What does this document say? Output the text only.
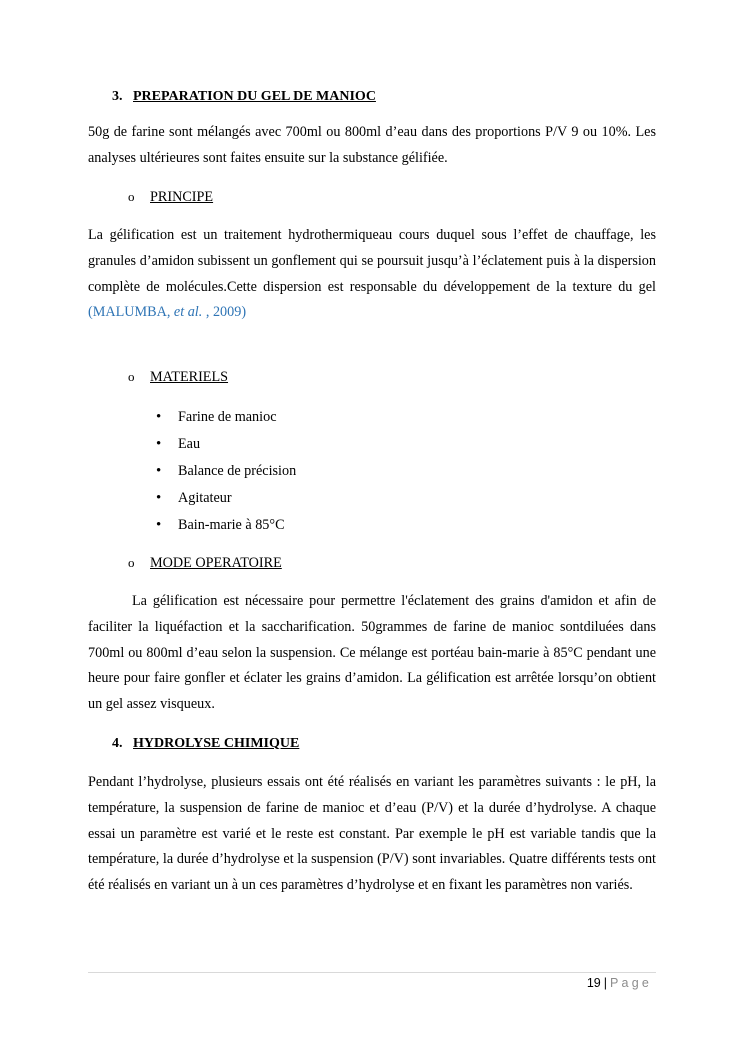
3. PREPARATION DU GEL DE MANIOC
50g de farine sont mélangés avec 700ml ou 800ml d’eau dans des proportions P/V 9 ou 10%. Les analyses ultérieures sont faites ensuite sur la substance gélifiée.
o PRINCIPE
La gélification est un traitement hydrothermiqueau cours duquel sous l’effet de chauffage, les granules d’amidon subissent un gonflement qui se poursuit jusqu’à l’éclatement puis à la dispersion complète de molécules.Cette dispersion est responsable du développement de la texture du gel (MALUMBA, et al. , 2009)
o MATERIELS
• Farine de manioc
• Eau
• Balance de précision
• Agitateur
• Bain-marie à 85°C
o MODE OPERATOIRE
La gélification est nécessaire pour permettre l'éclatement des grains d'amidon et afin de faciliter la liquéfaction et la saccharification. 50grammes de farine de manioc sontdiluées dans 700ml ou 800ml d’eau selon la suspension. Ce mélange est portéau bain-marie à 85°C pendant une heure pour faire gonfler et éclater les grains d’amidon. La gélification est arrêtée lorsqu’on obtient un gel assez visqueux.
4. HYDROLYSE CHIMIQUE
Pendant l’hydrolyse, plusieurs essais ont été réalisés en variant les paramètres suivants : le pH, la température, la suspension de farine de manioc et d’eau (P/V) et la durée d’hydrolyse. A chaque essai un paramètre est varié et le reste est constant. Par exemple le pH est variable tandis que la température, la durée d’hydrolyse et la suspension (P/V) sont invariables. Quatre différents tests ont été réalisés en variant un à un ces paramètres d’hydrolyse et en fixant les paramètres non variés.
19 | Page
